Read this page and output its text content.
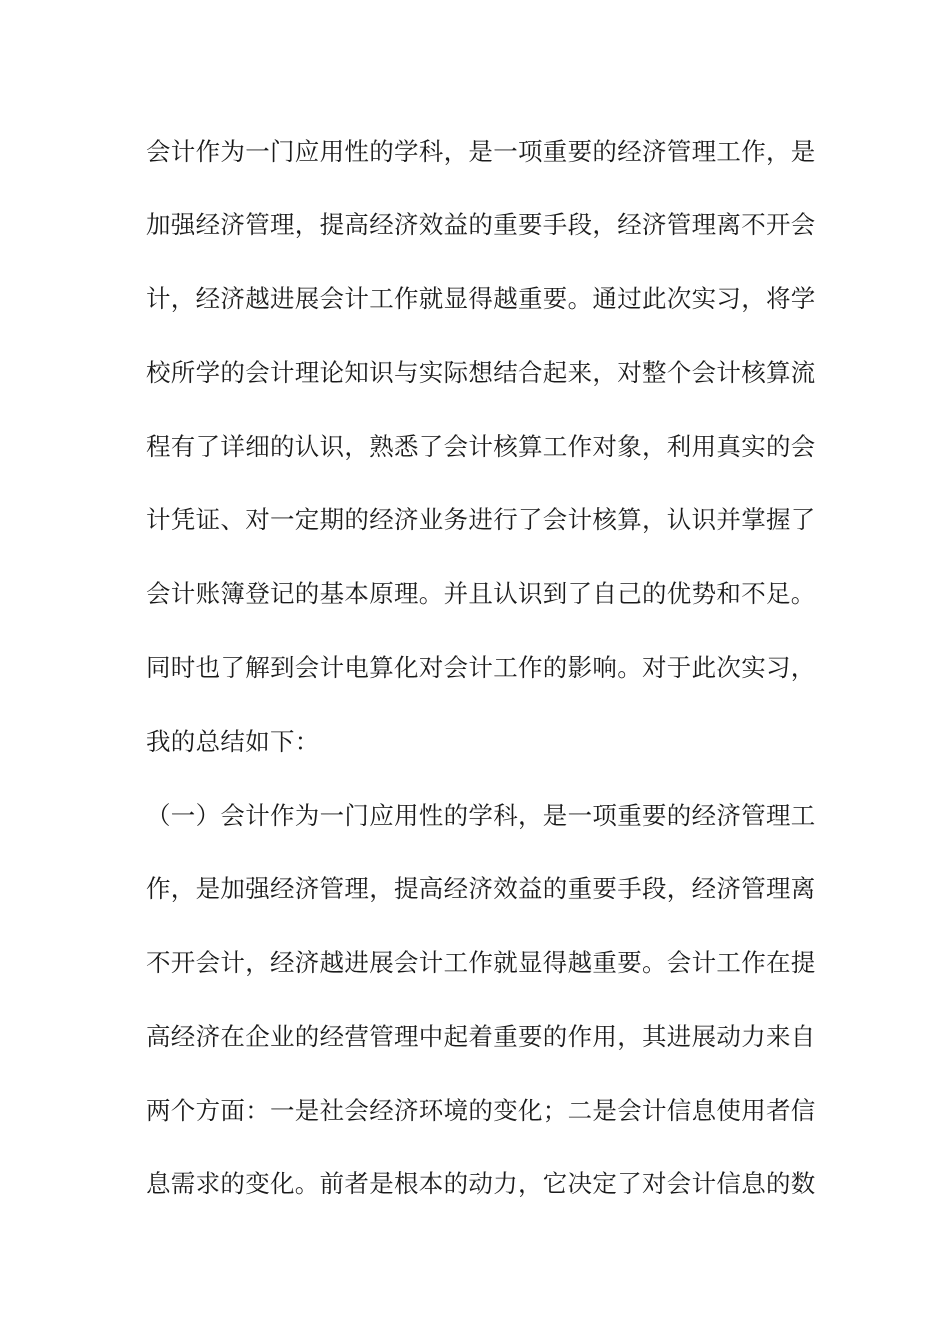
会计作为一门应用性的学科，是一项重要的经济管理工作，是
加强经济管理，提高经济效益的重要手段，经济管理离不开会
计，经济越进展会计工作就显得越重要。通过此次实习，将学
校所学的会计理论知识与实际想结合起来，对整个会计核算流
程有了详细的认识，熟悉了会计核算工作对象，利用真实的会
计凭证、对一定期的经济业务进行了会计核算，认识并掌握了
会计账簿登记的基本原理。并且认识到了自己的优势和不足。
同时也了解到会计电算化对会计工作的影响。对于此次实习，
我的总结如下：
（一）会计作为一门应用性的学科，是一项重要的经济管理工
作，是加强经济管理，提高经济效益的重要手段，经济管理离
不开会计，经济越进展会计工作就显得越重要。会计工作在提
高经济在企业的经营管理中起着重要的作用，其进展动力来自
两个方面：一是社会经济环境的变化；二是会计信息使用者信
息需求的变化。前者是根本的动力，它决定了对会计信息的数
